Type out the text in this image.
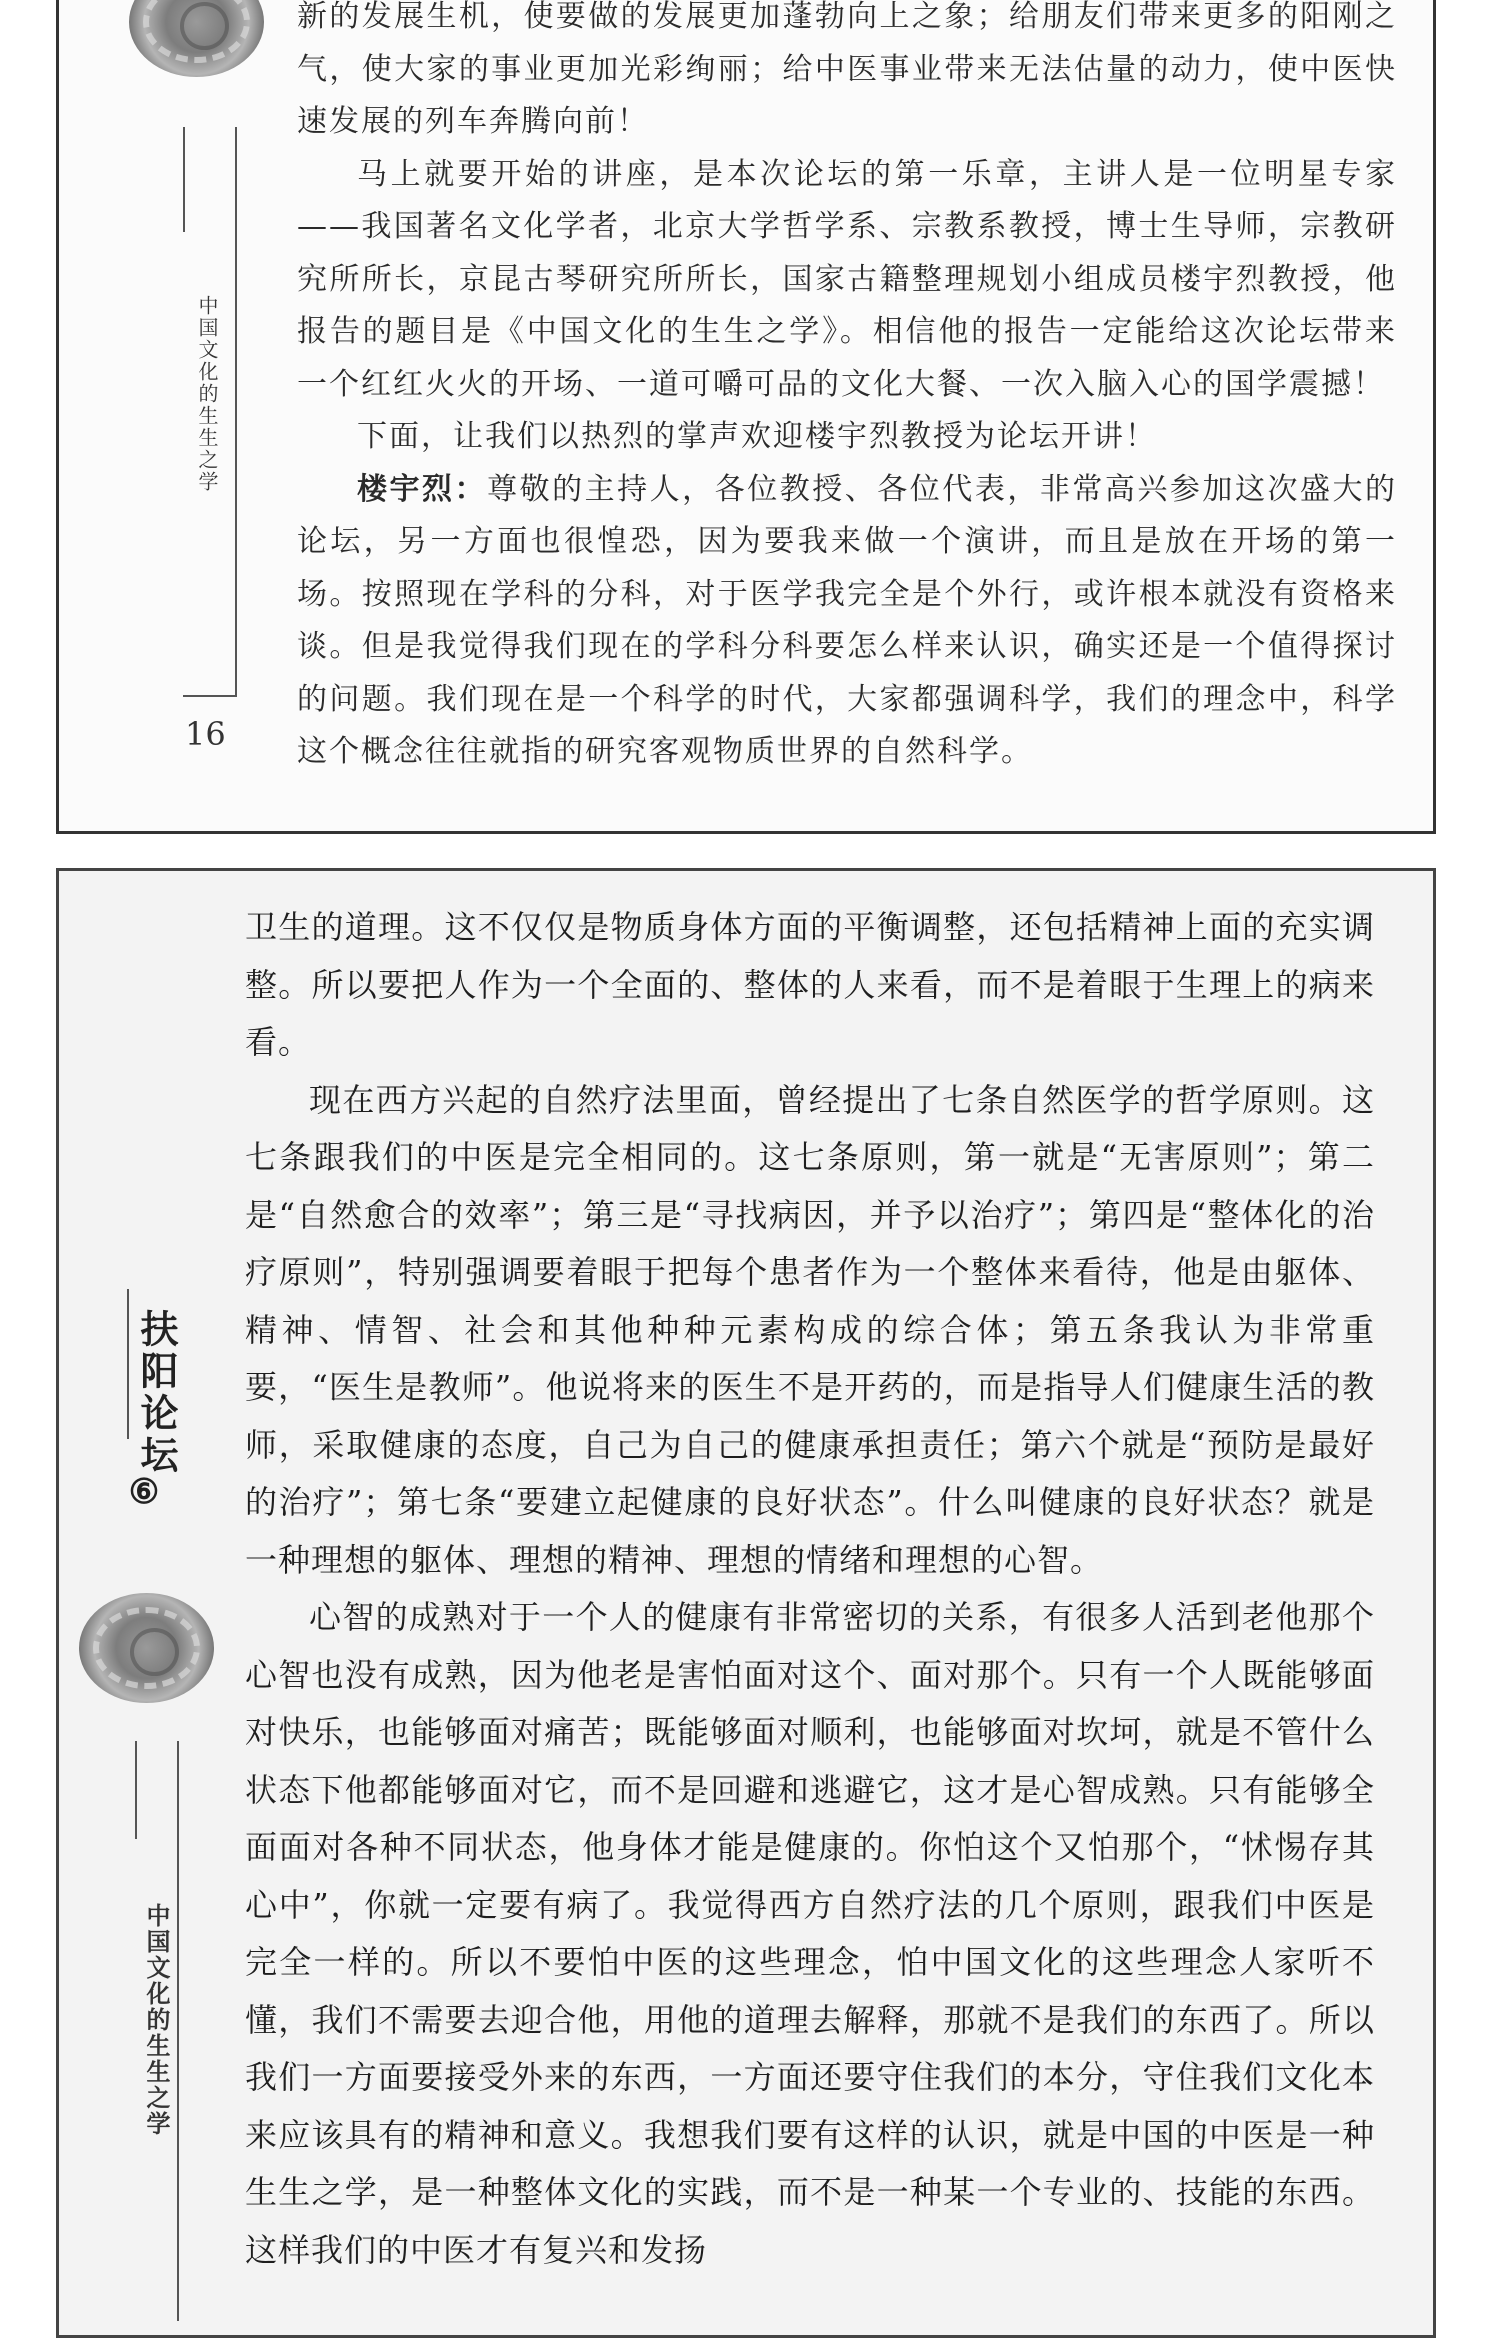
中国文化的生生之学
16

新的发展生机，使要做的发展更加蓬勃向上之象；给朋友们带来更多的阳刚之气，使大家的事业更加光彩绚丽；给中医事业带来无法估量的动力，使中医快速发展的列车奔腾向前！

马上就要开始的讲座，是本次论坛的第一乐章，主讲人是一位明星专家——我国著名文化学者，北京大学哲学系、宗教系教授，博士生导师，宗教研究所所长，京昆古琴研究所所长，国家古籍整理规划小组成员楼宇烈教授，他报告的题目是《中国文化的生生之学》。相信他的报告一定能给这次论坛带来一个红红火火的开场、一道可嚼可品的文化大餐、一次入脑入心的国学震撼！

下面，让我们以热烈的掌声欢迎楼宇烈教授为论坛开讲！

楼宇烈：尊敬的主持人，各位教授、各位代表，非常高兴参加这次盛大的论坛，另一方面也很惶恐，因为要我来做一个演讲，而且是放在开场的第一场。按照现在学科的分科，对于医学我完全是个外行，或许根本就没有资格来谈。但是我觉得我们现在的学科分科要怎么样来认识，确实还是一个值得探讨的问题。我们现在是一个科学的时代，大家都强调科学，我们的理念中，科学这个概念往往就指的研究客观物质世界的自然科学。

扶阳论坛
⑥
中国文化的生生之学

卫生的道理。这不仅仅是物质身体方面的平衡调整，还包括精神上面的充实调整。所以要把人作为一个全面的、整体的人来看，而不是着眼于生理上的病来看。

现在西方兴起的自然疗法里面，曾经提出了七条自然医学的哲学原则。这七条跟我们的中医是完全相同的。这七条原则，第一就是“无害原则”；第二是“自然愈合的效率”；第三是“寻找病因，并予以治疗”；第四是“整体化的治疗原则”，特别强调要着眼于把每个患者作为一个整体来看待，他是由躯体、精神、情智、社会和其他种种元素构成的综合体；第五条我认为非常重要，“医生是教师”。他说将来的医生不是开药的，而是指导人们健康生活的教师，采取健康的态度，自己为自己的健康承担责任；第六个就是“预防是最好的治疗”；第七条“要建立起健康的良好状态”。什么叫健康的良好状态？就是一种理想的躯体、理想的精神、理想的情绪和理想的心智。

心智的成熟对于一个人的健康有非常密切的关系，有很多人活到老他那个心智也没有成熟，因为他老是害怕面对这个、面对那个。只有一个人既能够面对快乐，也能够面对痛苦；既能够面对顺利，也能够面对坎坷，就是不管什么状态下他都能够面对它，而不是回避和逃避它，这才是心智成熟。只有能够全面面对各种不同状态，他身体才能是健康的。你怕这个又怕那个，“怵惕存其心中”，你就一定要有病了。我觉得西方自然疗法的几个原则，跟我们中医是完全一样的。所以不要怕中医的这些理念，怕中国文化的这些理念人家听不懂，我们不需要去迎合他，用他的道理去解释，那就不是我们的东西了。所以我们一方面要接受外来的东西，一方面还要守住我们的本分，守住我们文化本来应该具有的精神和意义。我想我们要有这样的认识，就是中国的中医是一种生生之学，是一种整体文化的实践，而不是一种某一个专业的、技能的东西。这样我们的中医才有复兴和发扬
